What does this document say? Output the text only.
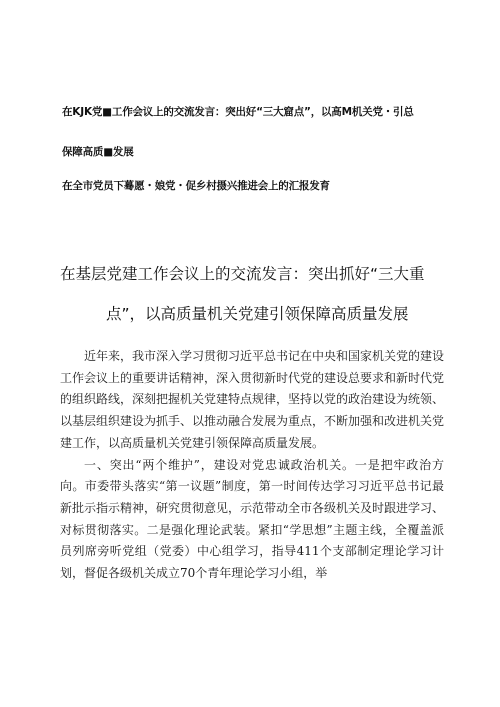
在KJK党■工作会议上的交流发言：突出好“三大窟点”，以高M机关党・引总
保障高质■发展
在全市党员下蓦愿・娘党・促乡村摄兴推进会上的汇报发育
在基层党建工作会议上的交流发言：突出抓好“三大重
点”，以高质量机关党建引领保障高质量发展

近年来，我市深入学习贯彻习近平总书记在中央和国家机关党的建设工作会议上的重要讲话精神，深入贯彻新时代党的建设总要求和新时代党的组织路线，深刻把握机关党建特点规律，坚持以党的政治建设为统领、以基层组织建设为抓手、以推动融合发展为重点，不断加强和改进机关党建工作，以高质量机关党建引领保障高质量发展。

一、突出“两个维护”，建设对党忠诚政治机关。一是把牢政治方向。市委带头落实“第一议题”制度，第一时间传达学习习近平总书记最新批示指示精神，研究贯彻意见，示范带动全市各级机关及时跟进学习、对标贯彻落实。二是强化理论武装。紧扣“学思想”主题主线，全覆盖派员列席旁听党组（党委）中心组学习，指导411个支部制定理论学习计划，督促各级机关成立70个青年理论学习小组，举
